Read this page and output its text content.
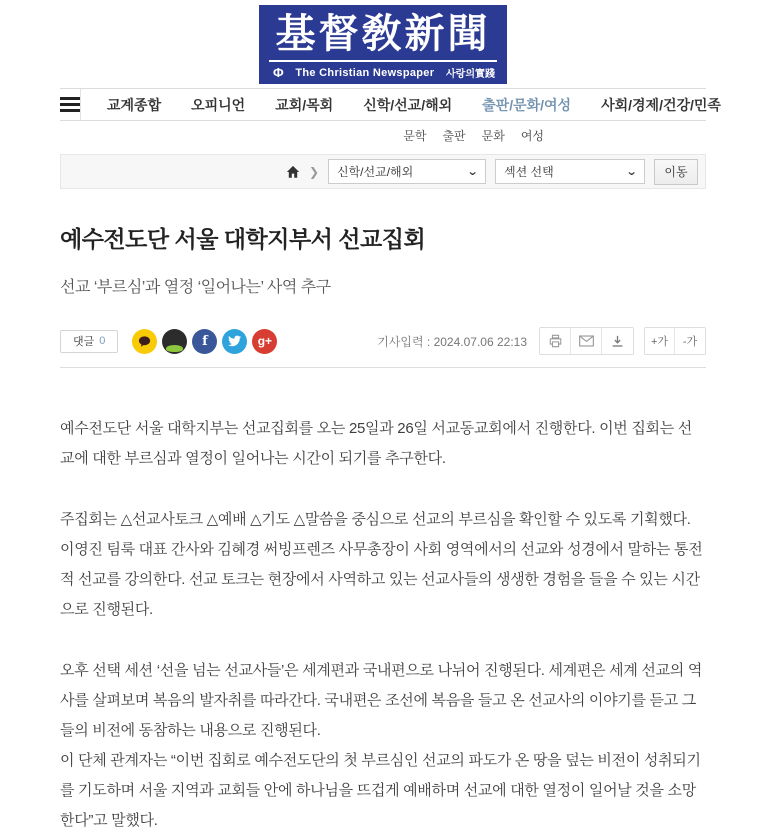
基督敎新聞
Φ The Christian Newspaper 사랑의實踐
교계종합 오피니언 교회/목회 신학/선교/해외 출판/문화/여성 사회/경제/건강/민족
문학 출판 문화 여성
❯ 신학/선교/해외	⌄ 섹션 선택	⌄	이동
예수전도단 서울 대학지부서 선교집회
선교 ‘부르심’과 열정 ‘일어나는’ 사역 추구
댓글 0	f	g+	기사입력 : 2024.07.06 22:13	+가	-가

예수전도단 서울 대학지부는 선교집회를 오는 25일과 26일 서교동교회에서 진행한다. 이번 집회는 선교에 대한 부르심과 열정이 일어나는 시간이 되기를 추구한다.

주집회는 △선교사토크 △예배 △기도 △말씀을 중심으로 선교의 부르심을 확인할 수 있도록 기획했다. 이영진 팀룩 대표 간사와 김혜경 써빙프렌즈 사무총장이 사회 영역에서의 선교와 성경에서 말하는 통전적 선교를 강의한다. 선교 토크는 현장에서 사역하고 있는 선교사들의 생생한 경험을 들을 수 있는 시간으로 진행된다.

오후 선택 세션 ‘선을 넘는 선교사들’은 세계편과 국내편으로 나뉘어 진행된다. 세계편은 세계 선교의 역사를 살펴보며 복음의 발자취를 따라간다. 국내편은 조선에 복음을 들고 온 선교사의 이야기를 듣고 그들의 비전에 동참하는 내용으로 진행된다.

이 단체 관계자는 “이번 집회로 예수전도단의 첫 부르심인 선교의 파도가 온 땅을 덮는 비전이 성취되기를 기도하며 서울 지역과 교회들 안에 하나님을 뜨겁게 예배하며 선교에 대한 열정이 일어날 것을 소망한다”고 말했다.
